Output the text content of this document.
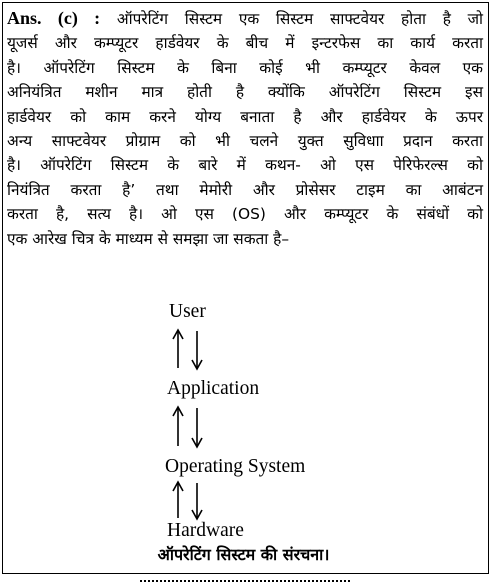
Ans. (c) : ऑपरेटिंग सिस्टम एक सिस्टम साफ्टवेयर होता है जो
यूजर्स और कम्प्यूटर हार्डवेयर के बीच में इन्टरफेस का कार्य करता
है। ऑपरेटिंग सिस्टम के बिना कोई भी कम्प्यूटर केवल एक
अनियंत्रित मशीन मात्र होती है क्योंकि ऑपरेटिंग सिस्टम इस
हार्डवेयर को काम करने योग्य बनाता है और हार्डवेयर के ऊपर
अन्य साफ्टवेयर प्रोग्राम को भी चलने युक्त सुविधाा प्रदान करता
है। ऑपरेटिंग सिस्टम के बारे में कथन- ओ एस पेरिफेरल्स को
नियंत्रित करता है’ तथा मेमोरी और प्रोसेसर टाइम का आबंटन
करता है, सत्य है। ओ एस (OS) और कम्प्यूटर के संबंधों को
एक आरेख चित्र के माध्यम से समझा जा सकता है–
User
Application
Operating System
Hardware
ऑपरेटिंग सिस्टम की संरचना।
